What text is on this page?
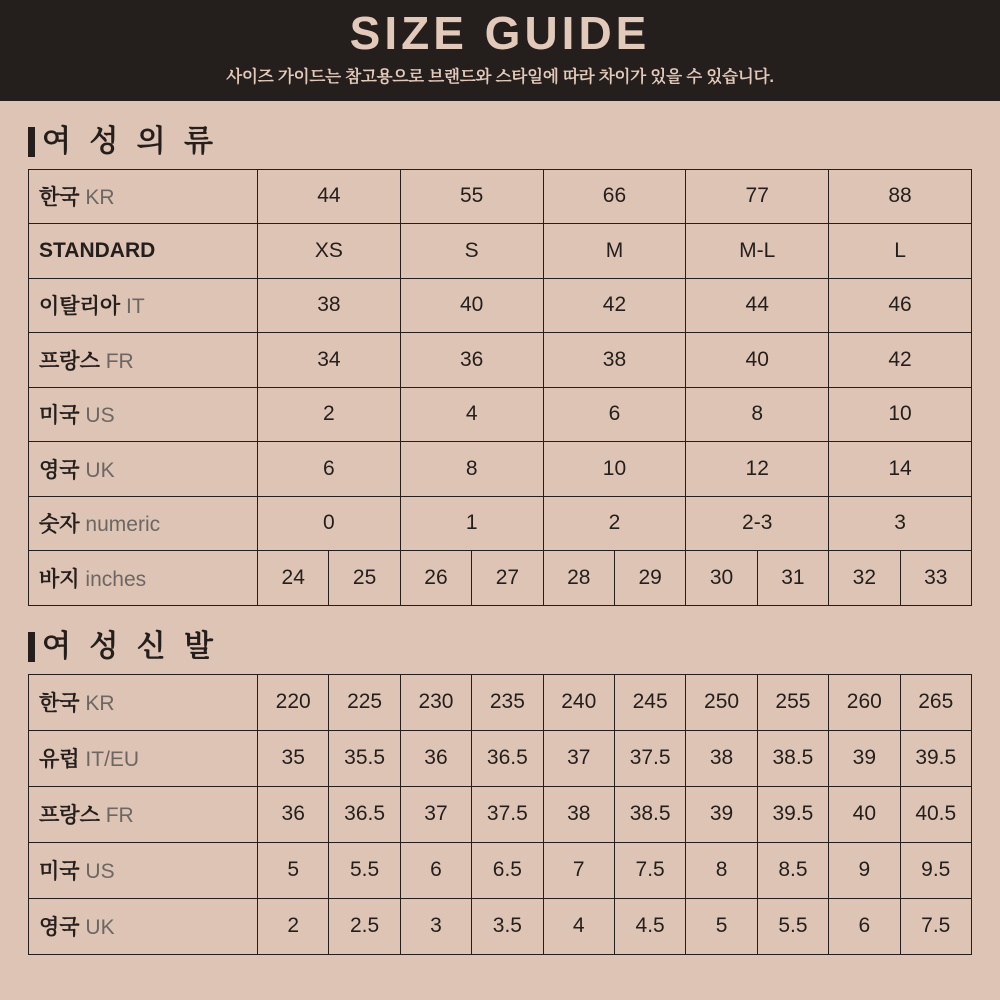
SIZE GUIDE
사이즈 가이드는 참고용으로 브랜드와 스타일에 따라 차이가 있을 수 있습니다.
여 성 의 류
한국 KR	44		55		66		77		88	
STANDARD	XS		S		M		M-L		L	
이탈리아 IT	38		40		42		44		46	
프랑스 FR	34		36		38		40		42	
미국 US	2		4		6		8		10	
영국 UK	6		8		10		12		14	
숫자 numeric	0		1		2		2-3		3	
바지 inches	24	25	26	27	28	29	30	31	32	33
여 성 신 발
한국 KR	220	225	230	235	240	245	250	255	260	265
유럽 IT/EU	35	35.5	36	36.5	37	37.5	38	38.5	39	39.5
프랑스 FR	36	36.5	37	37.5	38	38.5	39	39.5	40	40.5
미국 US	5	5.5	6	6.5	7	7.5	8	8.5	9	9.5
영국 UK	2	2.5	3	3.5	4	4.5	5	5.5	6	7.5
